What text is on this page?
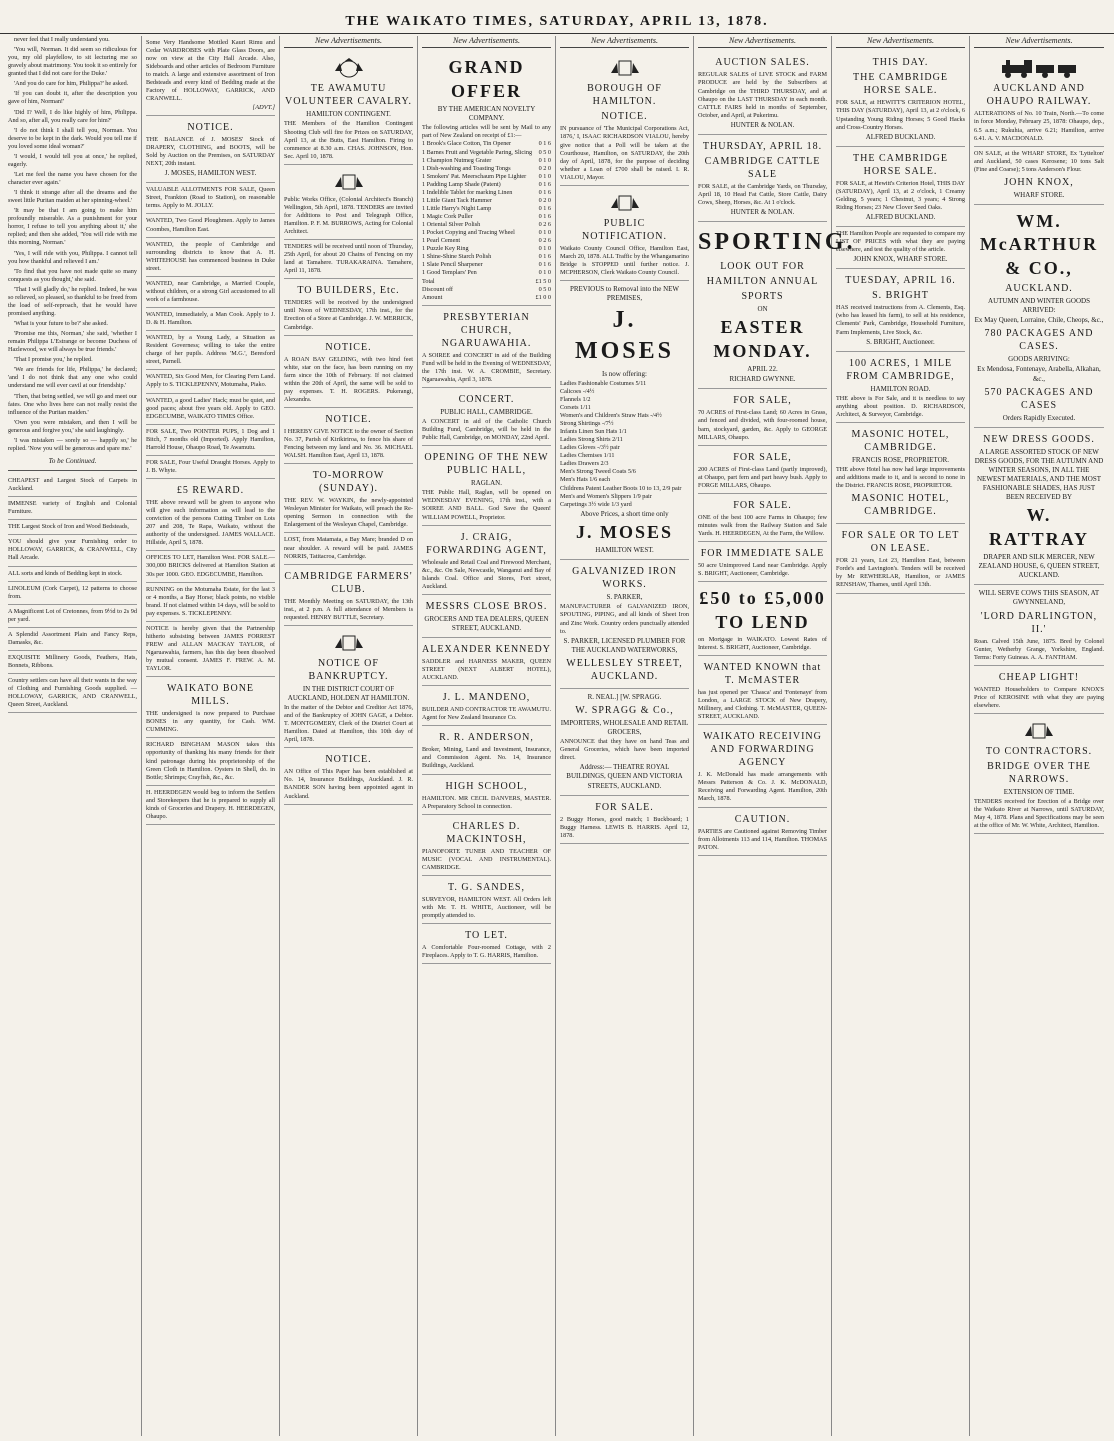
THE WAIKATO TIMES, SATURDAY, APRIL 13, 1878.
never feel that I really understand you.
'You will, Norman. It did seem so ridiculous for you, my old playfellow, to sit lecturing me so gravely about matrimony. You took it so entirely for granted that I did not care for the Duke.'
'And you do care for him, Philippa?' he asked.
'If you can doubt it, after the description you gave of him, Norman!'
'Did I? Well, I do like highly of him, Philippa. And so, after all, you really care for him?'
'I do not think I shall tell you, Norman. You deserve to be kept in the dark. Would you tell me if you loved some ideal woman?'
'I would, I would tell you at once,' he replied, eagerly.
'Let me feel the name you have chosen for the character ever again.'
'I think it strange after all the dreams and the sweet little Puritan maiden at her spinning-wheel.'
'It may be that I am going to make him profoundly miserable. As a punishment for your horror, I refuse to tell you anything about it,' she replied; and then she added, 'You will ride with me this morning, Norman.'
'Yes, I will ride with you, Philippa. I cannot tell you how thankful and relieved I am.'
'To find that you have not made quite so many conquests as you thought,' she said.
'That I will gladly do,' he replied. Indeed, he was so relieved, so pleased, so thankful to be freed from the load of self-reproach, that he would have promised anything.
'What is your future to be?' she asked.
'Promise me this, Norman,' she said, 'whether I remain Philippa L'Estrange or become Duchess of Hazlewood, we will always be true friends.'
'That I promise you,' he replied.
'We are friends for life, Philippa,' he declared; 'and I do not think that any one who could understand me will ever cavil at our friendship.'
'Then, that being settled, we will go and meet our fates. One who lives here can not really resist the influence of the Puritan maiden.'
'Own you were mistaken, and then I will be generous and forgive you,' she said laughingly.
'I was mistaken — sorely so — happily so,' he replied. 'Now you will be generous and spare me.'
To be Continued.
CHEAPEST and Largest Stock of Carpets in Auckland.
IMMENSE variety of English and Colonial Furniture.
THE Largest Stock of Iron and Wood Bedsteads,
YOU should give your Furnishing order to HOLLOWAY, GARRICK, & CRANWELL, City Hall Arcade.
ALL sorts and kinds of Bedding kept in stock.
LINOLEUM (Cork Carpet), 12 patterns to choose from.
A Magnificent Lot of Cretonnes, from 9½d to 2s 9d per yard.
A Splendid Assortment Plain and Fancy Reps, Damasks, &c.
EXQUISITE Millinery Goods, Feathers, Hats, Bonnets, Ribbons.
Country settlers can have all their wants in the way of Clothing and Furnishing Goods supplied. — HOLLOWAY, GARRICK, AND CRANWELL, Queen Street, Auckland.
Some Very Handsome Mottled Kauri Rimu and Cedar WARDROBES with Plate Glass Doors, are now on view at the City Hall Arcade. Also, Sideboards and other articles of Bedroom Furniture to match. A large and extensive assortment of Iron Bedsteads and every kind of Bedding made at the Factory of HOLLOWAY, GARRICK, AND CRANWELL.
[ADVT.]
NOTICE.
THE BALANCE of J. MOSES' Stock of DRAPERY, CLOTHING, and BOOTS, will be Sold by Auction on the Premises, on SATURDAY NEXT, 20th instant.
J. MOSES, HAMILTON WEST.
VALUABLE ALLOTMENTS FOR SALE, Queen Street, Frankton (Road to Station), on reasonable terms. Apply to M. JOLLY.
WANTED, Two Good Ploughmen. Apply to James Coombes, Hamilton East.
WANTED, the people of Cambridge and surrounding districts to know that A. H. WHITEHOUSE has commenced business in Duke street.
WANTED, near Cambridge, a Married Couple, without children, or a strong Girl accustomed to all work of a farmhouse.
WANTED, immediately, a Man Cook. Apply to J. D. & H. Hamilton.
WANTED, by a Young Lady, a Situation as Resident Governess; willing to take the entire charge of her pupils. Address 'M.G.', Beresford street, Parnell.
WANTED, Six Good Men, for Clearing Fern Land. Apply to S. TICKLEPENNY, Motumaha, Piako.
WANTED, a good Ladies' Hack; must be quiet, and good paces; about five years old. Apply to GEO. EDGECUMBE, WAIKATO TIMES Office.
FOR SALE, Two POINTER PUPS, 1 Dog and 1 Bitch, 7 months old (Imported). Apply Hamilton, Harrold House, Ohaupo Road, Te Awamutu.
FOR SALE, Four Useful Draught Horses. Apply to J. B. Whyte.
£5 REWARD.
THE above reward will be given to anyone who will give such information as will lead to the conviction of the persons Cutting Timber on Lots 207 and 208, Te Rapa, Waikato, without the authority of the undersigned. JAMES WALLACE. Hillside, April 5, 1878.
OFFICES TO LET, Hamilton West. FOR SALE.—300,000 BRICKS delivered at Hamilton Station at 30s per 1000. GEO. EDGECUMBE, Hamilton.
RUNNING on the Motumaha Estate, for the last 3 or 4 months, a Bay Horse; black points, no visible brand. If not claimed within 14 days, will be sold to pay expenses. S. TICKLEPENNY.
NOTICE is hereby given that the Partnership hitherto subsisting between JAMES FORREST FREW and ALLAN MACKAY TAYLOR, of Ngaruawahia, farmers, has this day been dissolved by mutual consent. JAMES F. FREW. A. M. TAYLOR.
WAIKATO BONE MILLS.
THE undersigned is now prepared to Purchase BONES in any quantity, for Cash. WM. CUMMING.
RICHARD BINGHAM MASON takes this opportunity of thanking his many friends for their kind patronage during his proprietorship of the Green Cloth in Hamilton. Oysters in Shell, do. in Bottle; Shrimps; Crayfish, &c., &c.
H. HEERDEGEN would beg to inform the Settlers and Storekeepers that he is prepared to supply all kinds of Groceries and Drapery. H. HEERDEGEN, Ohaupo.
New Advertisements.
TE AWAMUTU VOLUNTEER CAVALRY.
HAMILTON CONTINGENT.
THE Members of the Hamilton Contingent Shooting Club will fire for Prizes on SATURDAY, April 13, at the Butts, East Hamilton. Firing to commence at 8.30 a.m. CHAS. JOHNSON, Hon. Sec. April 10, 1878.
Public Works Office, (Colonial Architect's Branch) Wellington, 5th April, 1878. TENDERS are invited for Additions to Post and Telegraph Office, Hamilton. P. F. M. BURROWS, Acting for Colonial Architect.
TENDERS will be received until noon of Thursday, 25th April, for about 20 Chains of Fencing on my land at Tamahere. TURAKARAINA. Tamahere, April 11, 1878.
TO BUILDERS, Etc.
TENDERS will be received by the undersigned until Noon of WEDNESDAY, 17th inst., for the Erection of a Store at Cambridge. J. W. MERRICK, Cambridge.
NOTICE.
A ROAN BAY GELDING, with two hind feet white, star on the face, has been running on my farm since the 10th of February. If not claimed within the 20th of April, the same will be sold to pay expenses. T. H. ROGERS. Pukerangi, Alexandra.
NOTICE.
I HEREBY GIVE NOTICE to the owner of Section No. 37, Parish of Kirikiriroa, to fence his share of Fencing between my land and No. 36. MICHAEL WALSH. Hamilton East, April 13, 1878.
TO-MORROW (SUNDAY).
THE REV. W. WAYKIN, the newly-appointed Wesleyan Minister for Waikato, will preach the Re-opening Sermon in connection with the Enlargement of the Wesleyan Chapel, Cambridge.
LOST, from Matamata, a Bay Mare; branded D on near shoulder. A reward will be paid. JAMES NORRIS, Tatitacroa, Cambridge.
CAMBRIDGE FARMERS' CLUB.
THE Monthly Meeting on SATURDAY, the 13th inst., at 2 p.m. A full attendance of Members is requested. HENRY BUTTLE, Secretary.
NOTICE OF BANKRUPTCY.
IN THE DISTRICT COURT OF AUCKLAND, HOLDEN AT HAMILTON.
In the matter of the Debtor and Creditor Act 1876, and of the Bankruptcy of JOHN GAGE, a Debtor. T. MONTGOMERY, Clerk of the District Court at Hamilton. Dated at Hamilton, this 10th day of April, 1878.
NOTICE.
AN Office of This Paper has been established at No. 14, Insurance Buildings, Auckland. J. R. BANDER SON having been appointed agent in Auckland.
New Advertisements.
GRAND OFFER
BY THE AMERICAN NOVELTY COMPANY.
The following articles will be sent by Mail to any part of New Zealand on receipt of £1:—
1 Brook's Glace Cotton, Tin Opener	0 1 6
1 Barnes Fruit and Vegetable Paring, Slicing 0 5 0
1 Champion Nutmeg Grater	0 1 0
1 Dish-washing and Toasting Tongs	0 2 0
1 Smokers' Pat. Meerschaum Pipe Lighter 0 1 0
1 Padding Lamp Shade (Patent)	0 1 6
1 Indelible Tablet for marking Linen	0 1 6
1 Little Giant Tack Hammer	0 2 0
1 Little Harry's Night Lamp	0 1 6
1 Magic Cork Puller	0 1 6
1 Oriental Silver Polish	0 2 6
1 Pocket Copying and Tracing Wheel	0 1 0
1 Pearl Cement	0 2 6
1 Puzzle Key Ring	0 1 0
1 Shine-Shine Starch Polish	0 1 6
1 Slate Pencil Sharpener	0 1 6
1 Good Templars' Pen	0 1 0
Total	£1 5 0
Discount off	0 5 0
Amount	£1 0 0
PRESBYTERIAN CHURCH, NGARUAWAHIA.
A SOIREE and CONCERT in aid of the Building Fund will be held in the Evening of WEDNESDAY, the 17th inst. W. A. CROMBIE, Secretary. Ngaruawahia, April 3, 1878.
CONCERT.
PUBLIC HALL, CAMBRIDGE.
A CONCERT in aid of the Catholic Church Building Fund, Cambridge, will be held in the Public Hall, Cambridge, on MONDAY, 22nd April.
OPENING OF THE NEW PUBLIC HALL,
RAGLAN.
THE Public Hall, Raglan, will be opened on WEDNESDAY EVENING, 17th inst., with a SOIREE AND BALL. God Save the Queen! WILLIAM POWELL, Proprietor.
J. CRAIG, FORWARDING AGENT,
Wholesale and Retail Coal and Firewood Merchant, &c., &c. On Sale, Newcastle, Wanganui and Bay of Islands Coal. Office and Stores, Fort street, Auckland.
MESSRS CLOSE BROS.
GROCERS AND TEA DEALERS, QUEEN STREET, AUCKLAND.
ALEXANDER KENNEDY
SADDLER and HARNESS MAKER, QUEEN STREET (NEXT ALBERT HOTEL), AUCKLAND.
J. L. MANDENO,
BUILDER AND CONTRACTOR TE AWAMUTU. Agent for New Zealand Insurance Co.
R. R. ANDERSON,
Broker, Mining, Land and Investment, Insurance, and Commission Agent. No. 14, Insurance Buildings, Auckland.
HIGH SCHOOL,
HAMILTON. MR CECIL DANVERS, MASTER. A Preparatory School in connection.
CHARLES D. MACKINTOSH,
PIANOFORTE TUNER AND TEACHER OF MUSIC (VOCAL AND INSTRUMENTAL). CAMBRIDGE.
T. G. SANDES,
SURVEYOR, HAMILTON WEST. All Orders left with Mr. T. H. WHITE, Auctioneer, will be promptly attended to.
TO LET.
A Comfortable Four-roomed Cottage, with 2 Fireplaces. Apply to T. G. HARRIS, Hamilton.
New Advertisements.
BOROUGH OF HAMILTON.
NOTICE.
IN pursuance of 'The Municipal Corporations Act, 1876,' I, ISAAC RICHARDSON VIALOU, hereby give notice that a Poll will be taken at the Courthouse, Hamilton, on SATURDAY, the 20th day of April, 1878, for the purpose of deciding whether a Loan of £700 shall be raised. I. R. VIALOU, Mayor.
PUBLIC NOTIFICATION.
Waikato County Council Office, Hamilton East, March 20, 1878. ALL Traffic by the Whangamarino Bridge is STOPPED until further notice. J. MCPHERSON, Clerk Waikato County Council.
PREVIOUS to Removal into the NEW PREMISES,
J. MOSES
Is now offering:
Ladies Fashionable Costumes 5/11
Calicoes -/4½
Flannels 1/2
Corsets 1/11
Women's and Children's Straw Hats -/4½
Strong Shirtings -/7½
Infants Linen Sun Hats 1/1
Ladies Strong Shirts 2/11
Ladies Gloves -/3½ pair
Ladies Chemises 1/11
Ladies Drawers 2/3
Men's Strong Tweed Coats 5/6
Men's Hats 1/6 each
Childrens Patent Leather Boots 10 to 13, 2/9 pair
Men's and Women's Slippers 1/9 pair
Carpetings 3½ wide 1/3 yard
Above Prices, a short time only
J. MOSES
HAMILTON WEST.
GALVANIZED IRON WORKS.
S. PARKER,
MANUFACTURER of GALVANIZED IRON, SPOUTING, PIPING, and all kinds of Sheet Iron and Zinc Work. Country orders punctually attended to.
S. PARKER, LICENSED PLUMBER FOR THE AUCKLAND WATERWORKS,
WELLESLEY STREET, AUCKLAND.
R. NEAL.] [W. SPRAGG.
W. SPRAGG & Co.,
IMPORTERS, WHOLESALE AND RETAIL GROCERS,
ANNOUNCE that they have on hand Teas and General Groceries, which have been imported direct.
Address:— THEATRE ROYAL BUILDINGS, QUEEN AND VICTORIA STREETS, AUCKLAND.
FOR SALE.
2 Buggy Horses, good match; 1 Buckboard; 1 Buggy Harness. LEWIS B. HARRIS. April 12, 1878.
New Advertisements.
AUCTION SALES.
REGULAR SALES of LIVE STOCK and FARM PRODUCE are held by the Subscribers at Cambridge on the THIRD THURSDAY, and at Ohaupo on the LAST THURSDAY in each month. CATTLE FAIRS held in months of September, October, and April, at Pukerimu.
HUNTER & NOLAN.
THURSDAY, APRIL 18.
CAMBRIDGE CATTLE SALE
FOR SALE, at the Cambridge Yards, on Thursday, April 18, 10 Head Fat Cattle, Store Cattle, Dairy Cows, Sheep, Horses, &c. At 1 o'clock.
HUNTER & NOLAN.
SPORTING.
LOOK OUT FOR
HAMILTON ANNUAL
SPORTS
ON
EASTER MONDAY.
APRIL 22.
RICHARD GWYNNE.
FOR SALE,
70 ACRES of First-class Land; 60 Acres in Grass, and fenced and divided, with four-roomed house, barn, stockyard, garden, &c. Apply to GEORGE MILLARS, Ohaupo.
FOR SALE,
200 ACRES of First-class Land (partly improved), at Ohaupo, part fern and part heavy bush. Apply to FORGE MILLARS, Ohaupo.
FOR SALE.
ONE of the best 100 acre Farms in Ohaupo; few minutes walk from the Railway Station and Sale Yards. H. HEERDEGEN, At the Farm, the Willow.
FOR IMMEDIATE SALE
50 acre Unimproved Land near Cambridge. Apply S. BRIGHT, Auctioneer, Cambridge.
£50 to £5,000 TO LEND
on Mortgage in WAIKATO. Lowest Rates of Interest. S. BRIGHT, Auctioneer, Cambridge.
WANTED KNOWN that T. McMASTER
has just opened per 'Chasca' and 'Fontenaye' from London, a LARGE STOCK of New Drapery, Millinery, and Clothing. T. McMASTER, QUEEN-STREET, AUCKLAND.
WAIKATO RECEIVING AND FORWARDING AGENCY
J. K. McDonald has made arrangements with Messrs Patterson & Co. J. K. McDONALD, Receiving and Forwarding Agent. Hamilton, 20th March, 1878.
CAUTION.
PARTIES are Cautioned against Removing Timber from Allotments 113 and 114, Hamilton. THOMAS PATON.
New Advertisements.
THIS DAY.
THE CAMBRIDGE HORSE SALE.
FOR SALE, at HEWITT'S CRITERION HOTEL, THIS DAY (SATURDAY), April 13, at 2 o'clock, 6 Upstanding Young Riding Horses; 5 Good Hacks and Cross-Country Horses.
ALFRED BUCKLAND.
THE CAMBRIDGE HORSE SALE.
FOR SALE, at Hewitt's Criterion Hotel, THIS DAY (SATURDAY), April 13, at 2 o'clock, 1 Creamy Gelding, 5 years; 1 Chestnut, 3 years; 4 Strong Riding Horses; 23 New Clover Seed Oaks.
ALFRED BUCKLAND.
THE Hamilton People are requested to compare my LIST OF PRICES with what they are paying elsewhere, and test the quality of the article.
JOHN KNOX, WHARF STORE.
TUESDAY, APRIL 16.
S. BRIGHT
HAS received instructions from A. Clements, Esq. (who has leased his farm), to sell at his residence, Clements' Park, Cambridge, Household Furniture, Farm Implements, Live Stock, &c.
S. BRIGHT, Auctioneer.
100 ACRES, 1 MILE FROM CAMBRIDGE,
HAMILTON ROAD.
THE above is For Sale, and it is needless to say anything about position. D. RICHARDSON, Architect, & Surveyor, Cambridge.
MASONIC HOTEL, CAMBRIDGE.
FRANCIS ROSE, PROPRIETOR.
THE above Hotel has now had large improvements and additions made to it, and is second to none in the District. FRANCIS ROSE, PROPRIETOR.
MASONIC HOTEL, CAMBRIDGE.
FOR SALE OR TO LET ON LEASE.
FOR 21 years, Lot 23, Hamilton East, between Forde's and Lavington's. Tenders will be received by Mr REWHERLAR, Hamilton, or JAMES RENSHAW, Thames, until April 13th.
New Advertisements.
AUCKLAND AND OHAUPO RAILWAY.
ALTERATIONS of No. 10 Train, North.—To come in force Monday, February 25, 1878: Ohaupo, dep., 6.5 a.m.; Rukuhia, arrive 6.21; Hamilton, arrive 6.41. A. V. MACDONALD.
ON SALE, at the WHARF STORE, Ex 'Lyttelton' and Auckland, 50 cases Kerosene; 10 tons Salt (Fine and Coarse); 5 tons Anderson's Flour.
JOHN KNOX,
WHARF STORE.
WM. McARTHUR & CO.,
AUCKLAND.
AUTUMN AND WINTER GOODS ARRIVED:
Ex May Queen, Lorraine, Chile, Cheops, &c.,
780 PACKAGES AND CASES.
GOODS ARRIVING:
Ex Mendosa, Fontenaye, Arabella, Alkahan, &c.,
570 PACKAGES AND CASES
Orders Rapidly Executed.
NEW DRESS GOODS.
A LARGE ASSORTED STOCK OF NEW DRESS GOODS, FOR THE AUTUMN AND WINTER SEASONS, IN ALL THE NEWEST MATERIALS, AND THE MOST FASHIONABLE SHADES, HAS JUST BEEN RECEIVED BY
W. RATTRAY
DRAPER AND SILK MERCER, NEW ZEALAND HOUSE, 6, QUEEN STREET, AUCKLAND.
WILL SERVE COWS THIS SEASON, AT GWYNNELAND,
'LORD DARLINGTON, II.'
Roan. Calved 15th June, 1875. Bred by Colonel Gunter, Wetherby Grange, Yorkshire, England. Terms: Forty Guineas. A. A. FANTHAM.
CHEAP LIGHT!
WANTED Householders to Compare KNOX'S Price of KEROSINE with what they are paying elsewhere.
TO CONTRACTORS.
BRIDGE OVER THE NARROWS.
EXTENSION OF TIME.
TENDERS received for Erection of a Bridge over the Waikato River at Narrows, until SATURDAY, May 4, 1878. Plans and Specifications may be seen at the office of Mr. W. White, Architect, Hamilton.
